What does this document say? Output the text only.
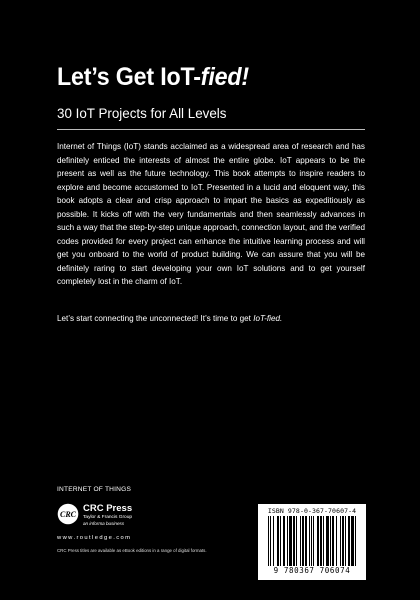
Let’s Get IoT-fied!
30 IoT Projects for All Levels

Internet of Things (IoT) stands acclaimed as a widespread area of research and has definitely enticed the interests of almost the entire globe. IoT appears to be the present as well as the future technology. This book attempts to inspire readers to explore and become accustomed to IoT. Presented in a lucid and eloquent way, this book adopts a clear and crisp approach to impart the basics as expeditiously as possible. It kicks off with the very fundamentals and then seamlessly advances in such a way that the step-by-step unique approach, connection layout, and the verified codes provided for every project can enhance the intuitive learning process and will get you onboard to the world of product building. We can assure that you will be definitely raring to start developing your own IoT solutions and to get yourself completely lost in the charm of IoT.

Let’s start connecting the unconnected! It’s time to get IoT-fied.
INTERNET OF THINGS
CRC
CRC Press
Taylor & Francis Group
an informa business
www.routledge.com
CRC Press titles are available as eBook editions in a range of digital formats.
ISBN 978-0-367-70607-4
9 780367 706074
